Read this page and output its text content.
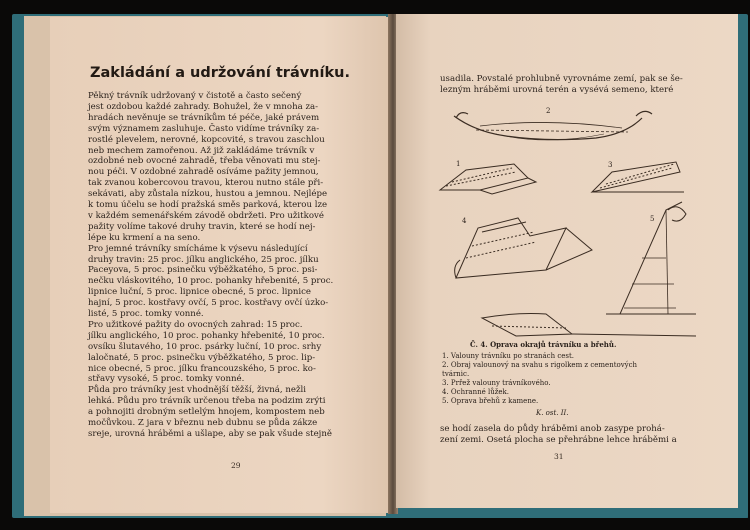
Zakládání a udržování trávníku.
Pěkný trávník udržovaný v čistotě a často sečený
jest ozdobou každé zahrady. Bohužel, že v mnoha za-
hradách nevěnuje se trávníkům té péče, jaké právem
svým významem zasluhuje. Často vidíme trávníky za-
rostlé plevelem, nerovné, kopcovité, s travou zaschlou
neb mechem zamořenou. Až již zakládáme trávník v
ozdobné neb ovocné zahradě, třeba věnovati mu stej-
nou péči. V ozdobné zahradě osíváme pažity jemnou,
tak zvanou kobercovou travou, kterou nutno stále při-
sekávati, aby zůstala nízkou, hustou a jemnou. Nejlépe
k tomu účelu se hodí pražská směs parková, kterou lze
v každém semenářském závodě obdržeti. Pro užitkové
pažity volíme takové druhy travin, které se hodí nej-
lépe ku krmení a na seno.
Pro jemné trávníky smícháme k výsevu následující
druhy travin: 25 proc. jílku anglického, 25 proc. jílku
Paceyova, 5 proc. psinečku výběžkatého, 5 proc. psi-
nečku vláskovitého, 10 proc. pohanky hřebenité, 5 proc.
lipnice luční, 5 proc. lipnice obecné, 5 proc. lipnice
hajní, 5 proc. kostřavy ovčí, 5 proc. kostřavy ovčí úzko-
listé, 5 proc. tomky vonné.
Pro užitkové pažity do ovocných zahrad: 15 proc.
jílku anglického, 10 proc. pohanky hřebenité, 10 proc.
ovsíku šlutavého, 10 proc. psárky luční, 10 proc. srhy
laločnaté, 5 proc. psinečku výběžkatého, 5 proc. lip-
nice obecné, 5 proc. jílku francouzského, 5 proc. ko-
střavy vysoké, 5 proc. tomky vonné.
Půda pro trávníky jest vhodnější těžší, živná, nežli
lehká. Půdu pro trávník určenou třeba na podzim zrýti
a pohnojiti drobným setlelým hnojem, kompostem neb
močůvkou. Z jara v březnu neb dubnu se půda zákze
sreje, urovná hráběmi a ušlape, aby se pak všude stejně
29
usadila. Povstalé prohlubně vyrovnáme zemí, pak se še-
lezným hráběmi urovná terén a vysévá semeno, které
2
1	3
4	5
Č. 4. Oprava okrajů trávníku a břehů.
1. Valouny trávníku po stranách cest.
2. Obraj valounový na svahu s rigolkem z cementových
tvárnic.
3. Prřež valouny trávníkového.
4. Ochranné lůžek.
5. Oprava břehů z kamene.
K. ost. II.
se hodí zasela do půdy hráběmi anob zasype prohá-
zení zemi. Osetá plocha se přehrábne lehce hráběmi a
31
